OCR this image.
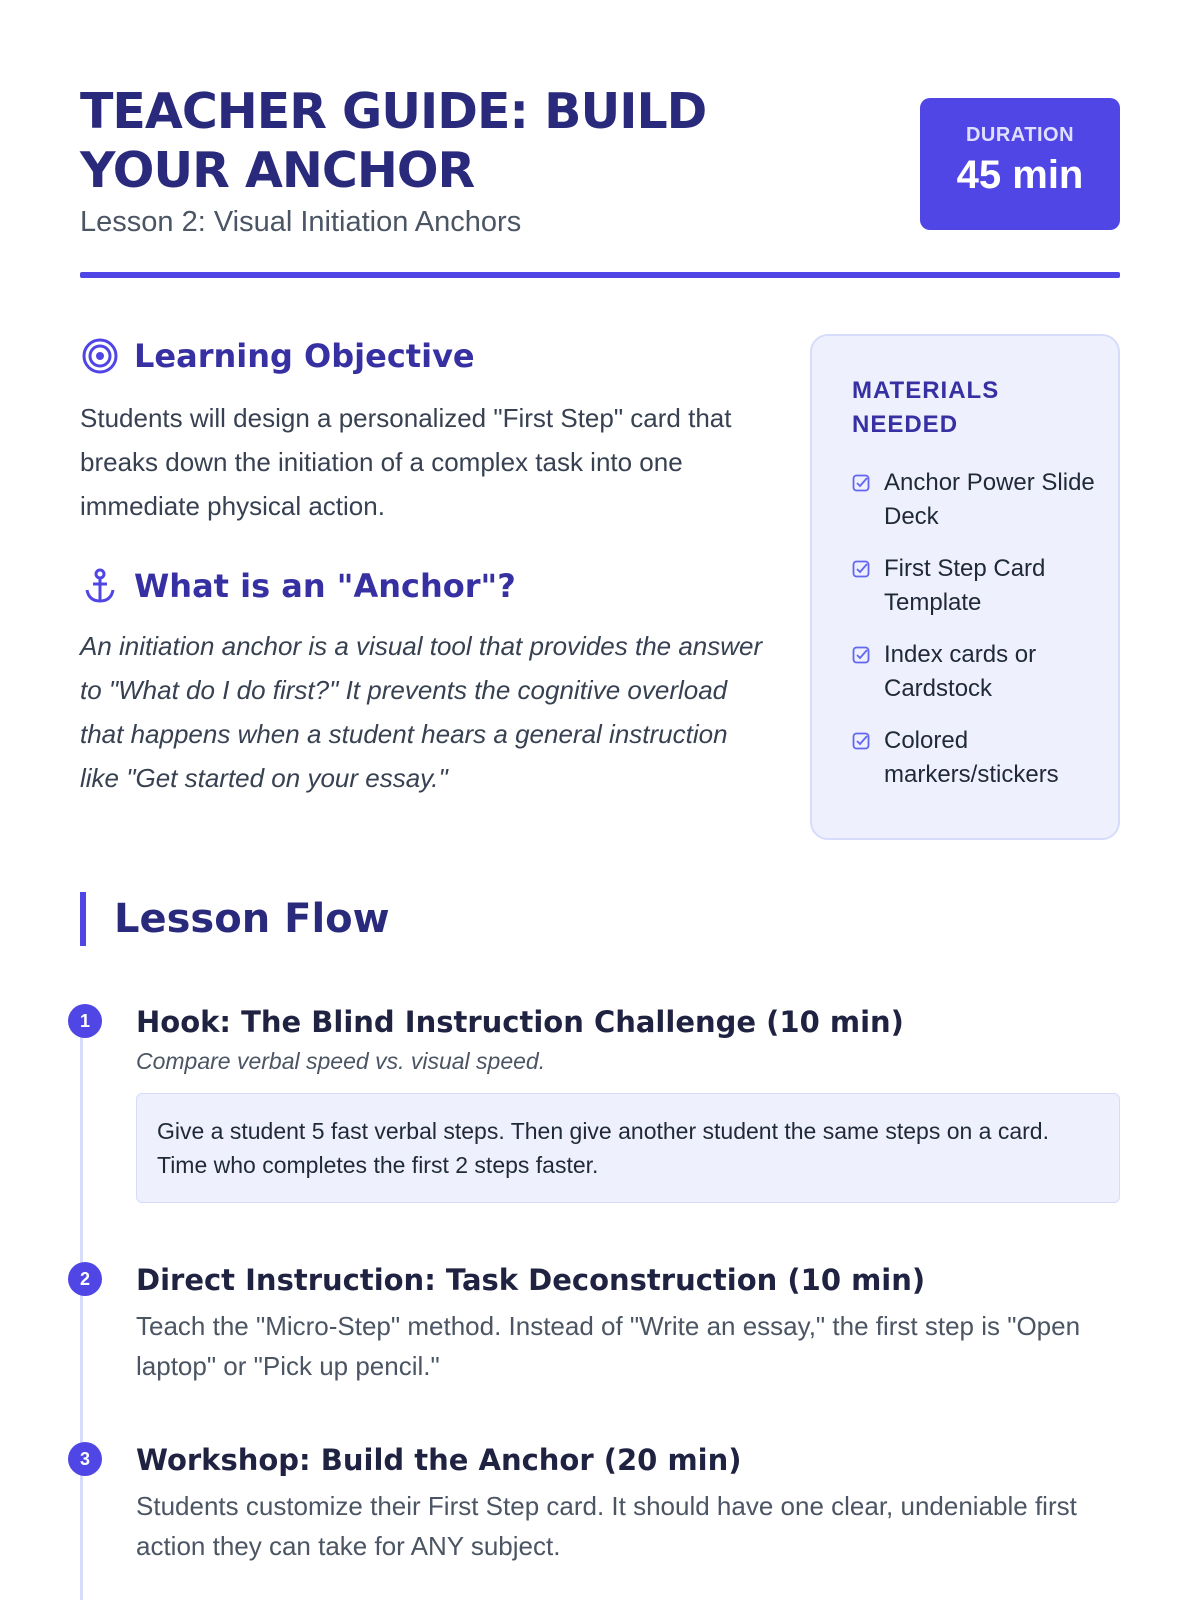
TEACHER GUIDE: BUILD YOUR ANCHOR
Lesson 2: Visual Initiation Anchors
DURATION
45 min
Learning Objective

Students will design a personalized "First Step" card that breaks down the initiation of a complex task into one immediate physical action.

What is an "Anchor"?

An initiation anchor is a visual tool that provides the answer to "What do I do first?" It prevents the cognitive overload that happens when a student hears a general instruction like "Get started on your essay."

MATERIALS NEEDED
Anchor Power Slide Deck
First Step Card Template
Index cards or Cardstock
Colored markers/stickers
Lesson Flow
1	Hook: The Blind Instruction Challenge (10 min)
Compare verbal speed vs. visual speed.
Give a student 5 fast verbal steps. Then give another student the same steps on a card. Time who completes the first 2 steps faster.
2	Direct Instruction: Task Deconstruction (10 min)
Teach the "Micro-Step" method. Instead of "Write an essay," the first step is "Open laptop" or "Pick up pencil."
3	Workshop: Build the Anchor (20 min)
Students customize their First Step card. It should have one clear, undeniable first action they can take for ANY subject.
